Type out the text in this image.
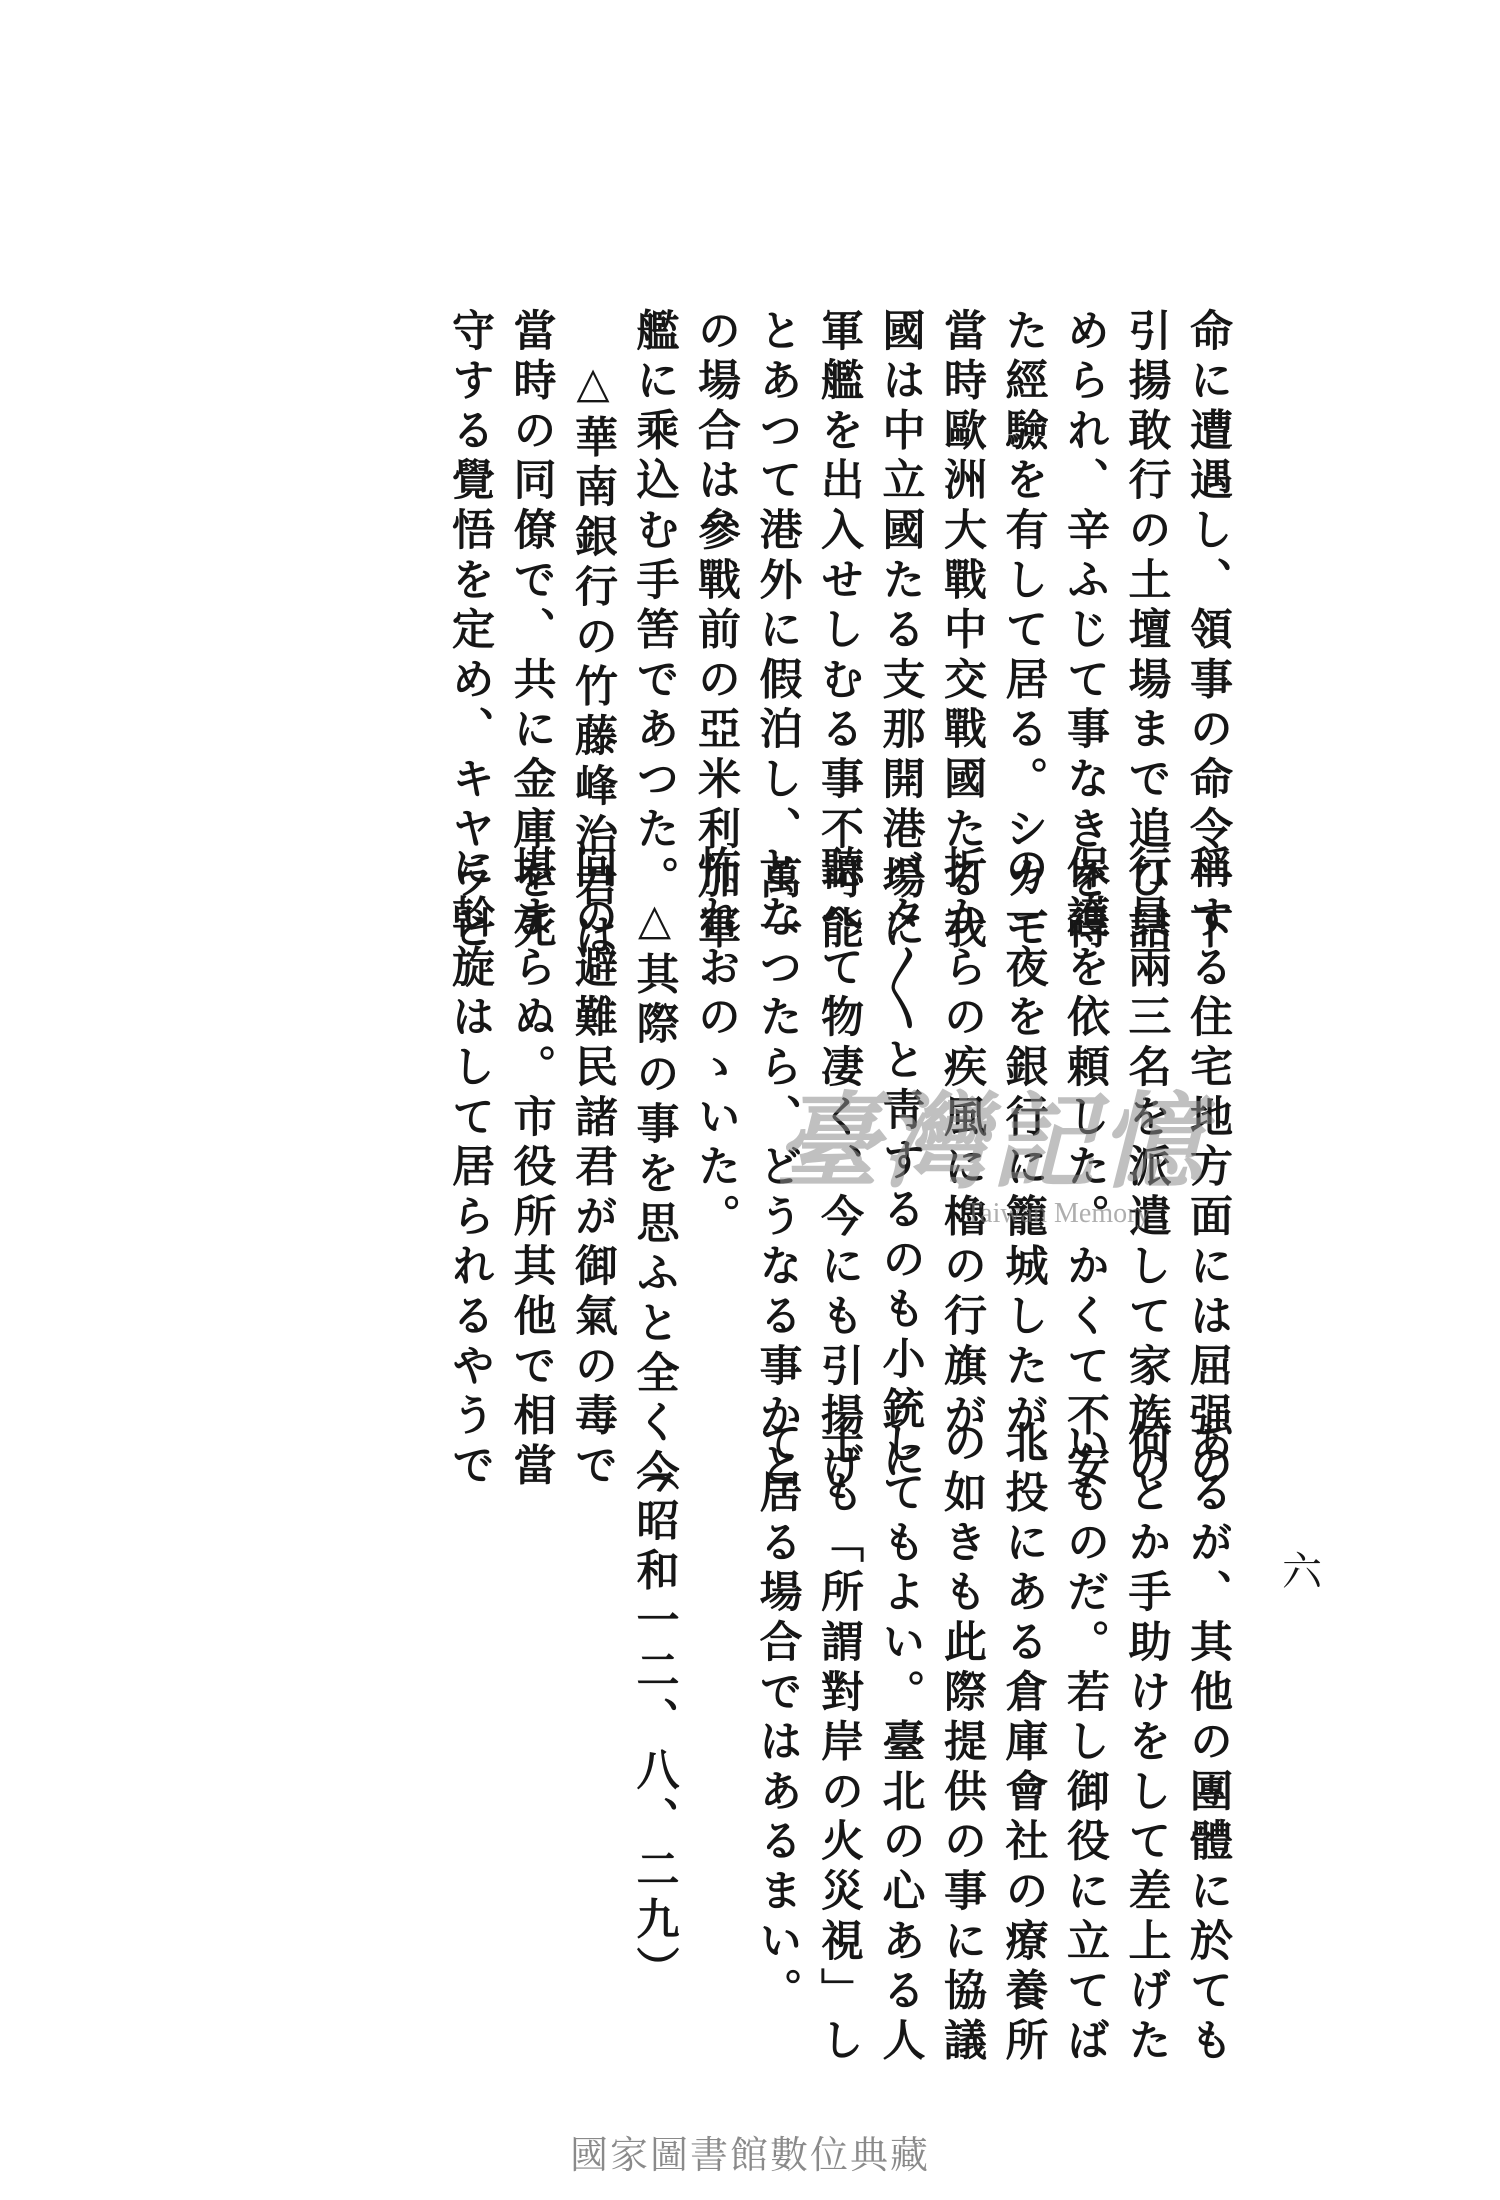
六
命に遭遇し、領事の命令一下
引揚敢行の土壇場まで追ひ詰
められ、辛ふじて事なきを得
た經驗を有して居る。シカモ
當時歐洲大戰中交戰國たる我
國は中立國たる支那開港場に
軍艦を出入せしむる事不可能
とあつて港外に假泊し、萬一
の場合は參戰前の亞米利加軍
艦に乘込む手筈であつた。
　△華南銀行の竹藤峰治君は
當時の同僚で、共に金庫を死
守する覺悟を定め、キヤラと
稱する住宅地方面には屈强の
行員兩三名を派遣して家族の
保護を依頼した。かくて不安
の一夜を銀行に籠城したが、
折からの疾風に櫓の行旗が
バタ〳〵と靑するのも小銃に
聽へて物凄く、今にも引揚げ
となつたら、どうなる事かと
怖れおのゝいた。
　△其際の事を思ふと全く今
回の避難民諸君が御氣の毒で
堪まらぬ。市役所其他で相當
に斡旋はして居られるやうで
あるが、其他の團體に於ても
何とか手助けをして差上げた
いものだ。若し御役に立てば
北投にある倉庫會社の療養所
の如きも此際提供の事に協議
してもよい。臺北の心ある人
士も「所謂對岸の火災視」し
て居る場合ではあるまい。

　（昭和一二、八、二九）
臺灣記憶
Taiwan Memory
國家圖書館數位典藏
